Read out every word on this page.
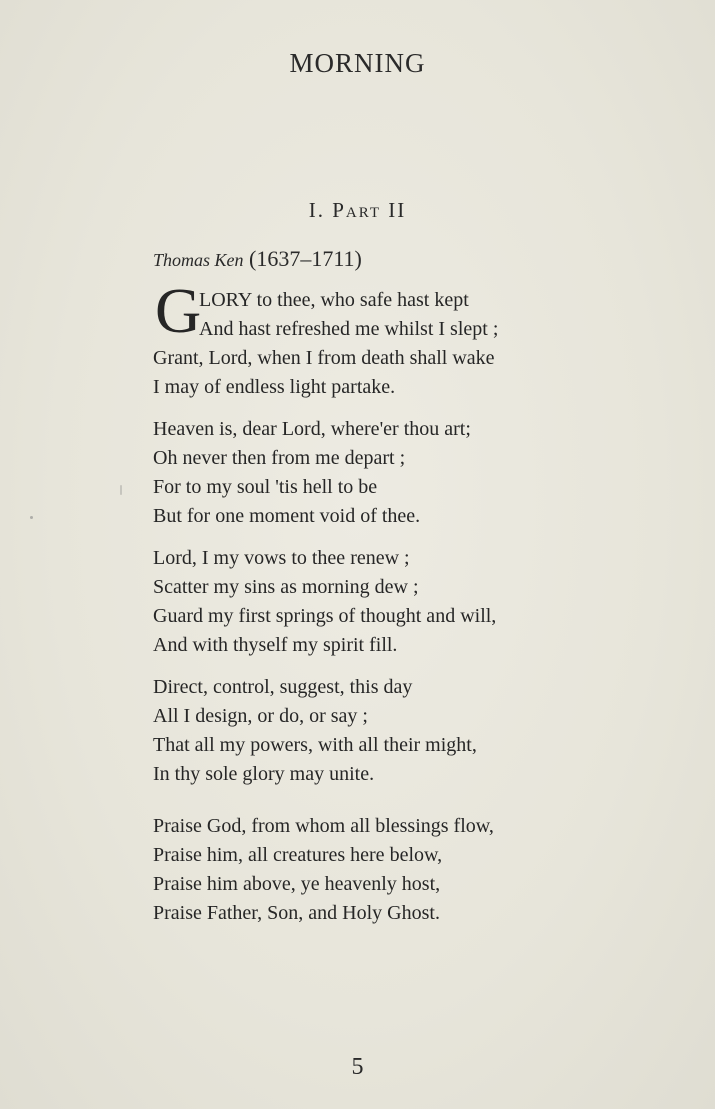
MORNING
I. Part II
Thomas Ken (1637–1711)
G
LORY to thee, who safe hast kept
And hast refreshed me whilst I slept ;
Grant, Lord, when I from death shall wake
I may of endless light partake.
Heaven is, dear Lord, where'er thou art;
Oh never then from me depart ;
For to my soul 'tis hell to be
But for one moment void of thee.
Lord, I my vows to thee renew ;
Scatter my sins as morning dew ;
Guard my first springs of thought and will,
And with thyself my spirit fill.
Direct, control, suggest, this day
All I design, or do, or say ;
That all my powers, with all their might,
In thy sole glory may unite.
Praise God, from whom all blessings flow,
Praise him, all creatures here below,
Praise him above, ye heavenly host,
Praise Father, Son, and Holy Ghost.
5
